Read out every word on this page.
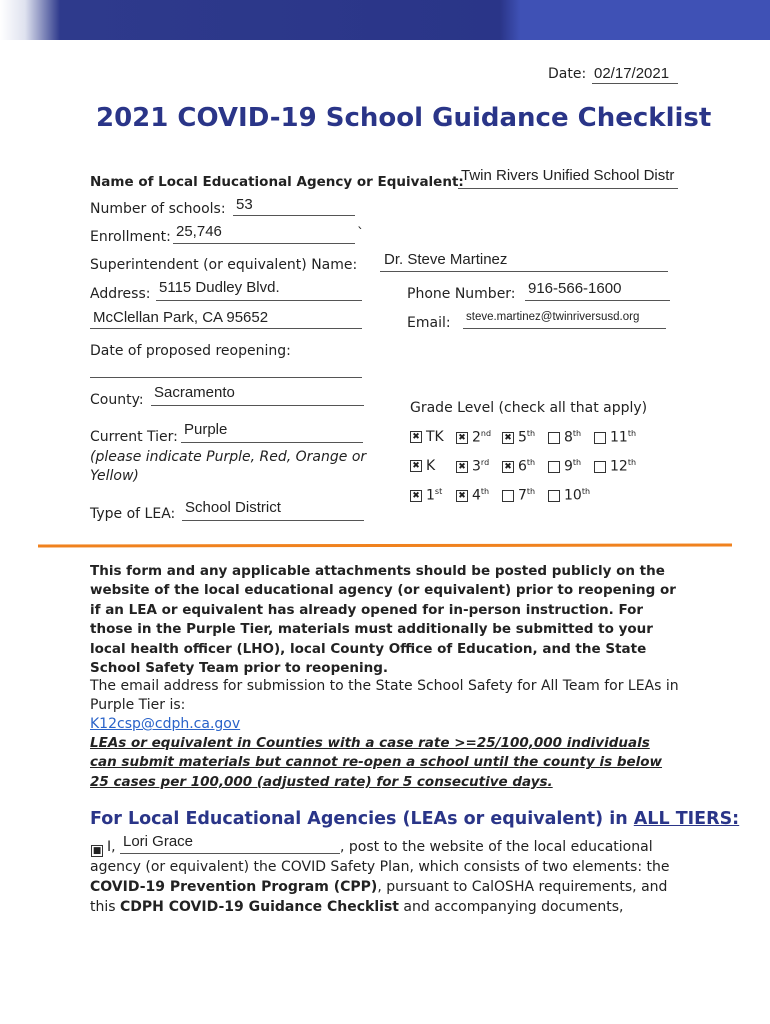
Date: 02/17/2021
2021 COVID-19 School Guidance Checklist
Name of Local Educational Agency or Equivalent:
Twin Rivers Unified School Distr
Number of schools: 53
Enrollment: 25,746	`
Superintendent (or equivalent) Name: Dr. Steve Martinez
Address: 5115 Dudley Blvd.
McClellan Park, CA 95652
Phone Number: 916-566-1600
Email: steve.martinez@twinriversusd.org
Date of proposed reopening:
County: Sacramento
Current Tier: Purple
(please indicate Purple, Red, Orange or Yellow)
Type of LEA: School District
Grade Level (check all that apply)
✖ TK ✖ 2nd ✖ 5th	8th	11th
✖ K	✖ 3rd ✖ 6th	9th	12th
✖ 1st ✖ 4th	7th	10th
This form and any applicable attachments should be posted publicly on the website of the local educational agency (or equivalent) prior to reopening or if an LEA or equivalent has already opened for in-person instruction. For those in the Purple Tier, materials must additionally be submitted to your local health officer (LHO), local County Office of Education, and the State School Safety Team prior to reopening.
The email address for submission to the State School Safety for All Team for LEAs in Purple Tier is:
K12csp@cdph.ca.gov
LEAs or equivalent in Counties with a case rate >=25/100,000 individuals can submit materials but cannot re-open a school until the county is below 25 cases per 100,000 (adjusted rate) for 5 consecutive days.
For Local Educational Agencies (LEAs or equivalent) in ALL TIERS:
■ I, Lori Grace	, post to the website of the local educational agency (or equivalent) the COVID Safety Plan, which consists of two elements: the COVID-19 Prevention Program (CPP), pursuant to CalOSHA requirements, and this CDPH COVID-19 Guidance Checklist and accompanying documents,
